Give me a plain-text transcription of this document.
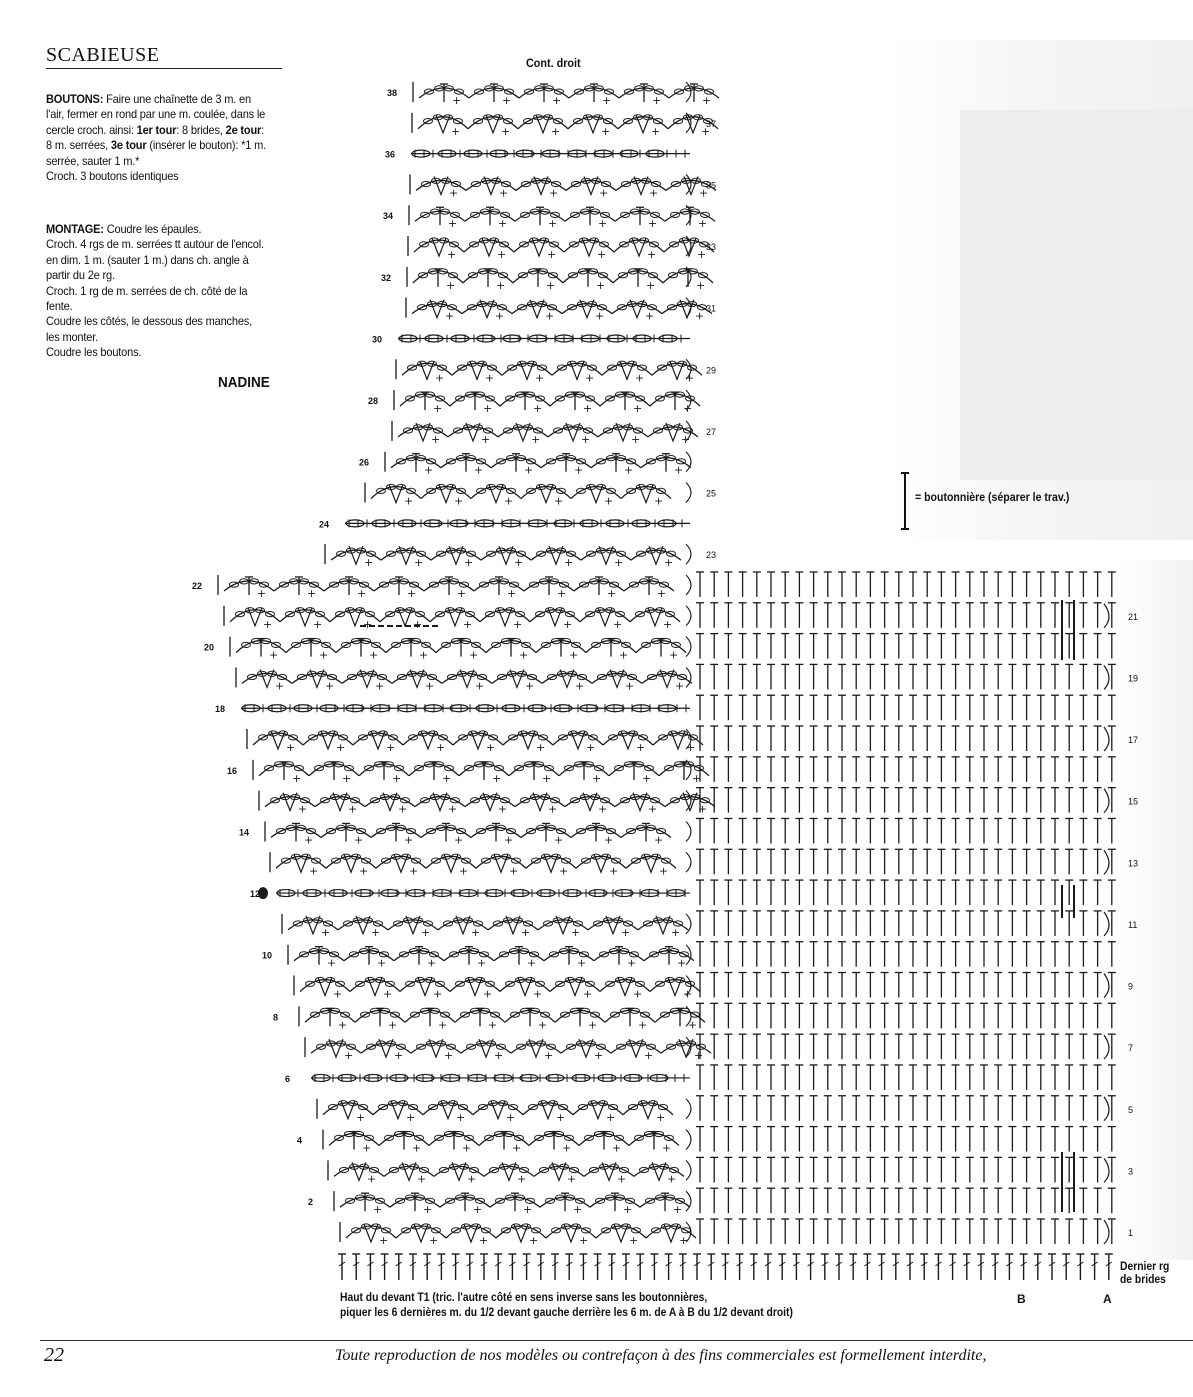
SCABIEUSE
BOUTONS: Faire une chaînette de 3 m. en l'air, fermer en rond par une m. coulée, dans le cercle croch. ainsi: 1er tour: 8 brides, 2e tour: 8 m. serrées, 3e tour (insérer le bouton): *1 m. serrée, sauter 1 m.*
Croch. 3 boutons identiques
MONTAGE: Coudre les épaules.
Croch. 4 rgs de m. serrées tt autour de l'encol. en dim. 1 m. (sauter 1 m.) dans ch. angle à partir du 2e rg.
Croch. 1 rg de m. serrées de ch. côté de la fente.
Coudre les côtés, le dessous des manches, les monter.
Coudre les boutons.
NADINE
+	+	+	+	+	+	+
+	+	+	+	+	+	+
+	+	+	+	+	+	+
+	+	+	+	+	+	+
+	+	+	+	+	+	+
+	+	+	+	+	+	+	+
+	+	+	+	+	+	+	+
+	+	+	+	+	+	+	+
+	+	+	+	+	+	+	+
+	+	+	+	+	+	+	+
+	+	+	+	+	+	+	+
+	+	+	+	+	+	+	+
+	+	+	+	+	+	+	+	+
+	+	+	+	+	+	+	+	+
+	+	+	+	+	+	+	+	+
+	+	+	+	+	+	+	+	+
+	+	+	+	+	+	+	+	+
+	+	+	+	+	+	+	+	+
+	+	+	+	+	+	+	+	+
+	+	+	+	+	+	+
+	+	+	+	+	+
+	+	+	+	+	+
+	+	+	+	+	+
+	+	+	+	+	+
+	+	+	+	+	+
+	+	+	+	+	+
+	+	+	+	+	+
+	+	+	+	+	+
+	+	+	+	+	+
+	+	+	+	+	+
+	+	+	+	+	+
+	+	+	+	+	+
38
36
34
32
30
28
26
24
22
20
18
16
14
12
10
8
6
4
2
37
35
33
31
29
27
25
23
21
19
17
15
13
11
9
7
5
3
1
Cont. droit
= boutonnière (séparer le trav.)
Haut du devant T1 (tric. l'autre côté en sens inverse sans les boutonnières,
piquer les 6 dernières m. du 1/2 devant gauche derrière les 6 m. de A à B du 1/2 devant droit)
B	A
Dernier rg
de brides
22	Toute reproduction de nos modèles ou contrefaçon à des fins commerciales est formellement interdite,
